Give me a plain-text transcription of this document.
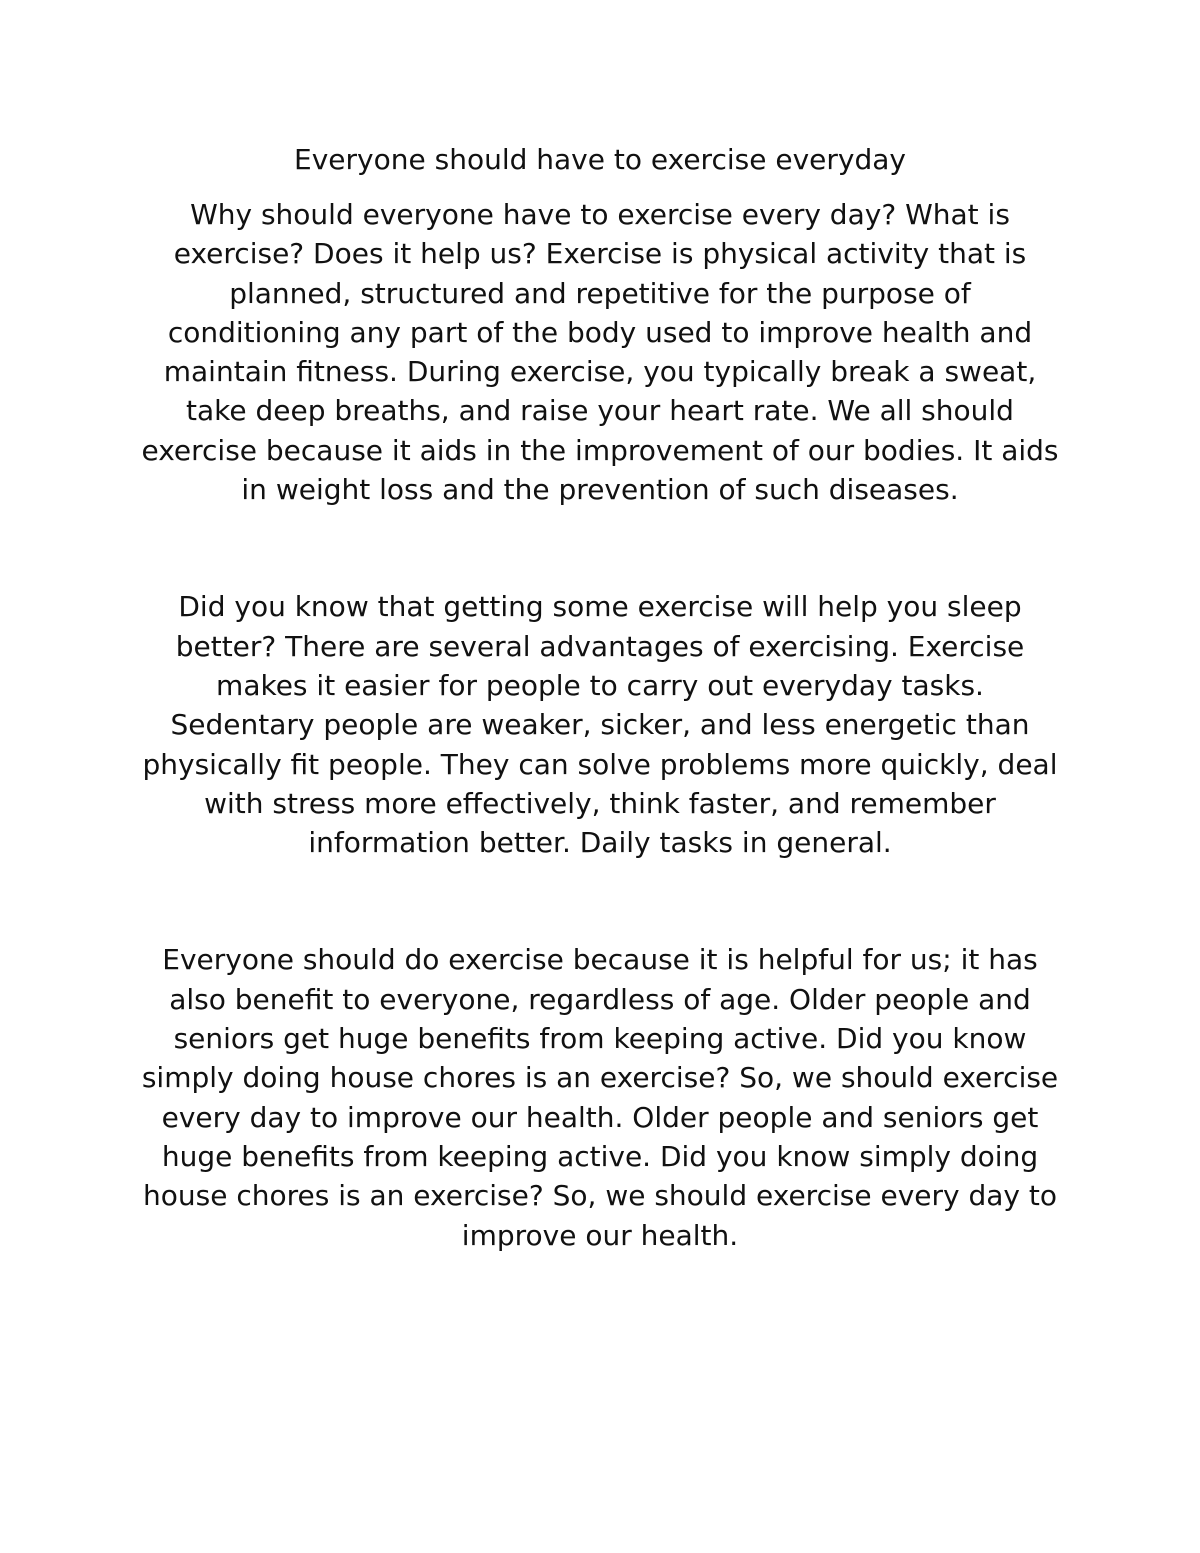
Everyone should have to exercise everyday

Why should everyone have to exercise every day? What is exercise? Does it help us? Exercise is physical activity that is planned, structured and repetitive for the purpose of conditioning any part of the body used to improve health and maintain fitness. During exercise, you typically break a sweat, take deep breaths, and raise your heart rate. We all should exercise because it aids in the improvement of our bodies. It aids in weight loss and the prevention of such diseases.

Did you know that getting some exercise will help you sleep better? There are several advantages of exercising. Exercise makes it easier for people to carry out everyday tasks. Sedentary people are weaker, sicker, and less energetic than physically fit people. They can solve problems more quickly, deal with stress more effectively, think faster, and remember information better. Daily tasks in general.

Everyone should do exercise because it is helpful for us; it has also benefit to everyone, regardless of age. Older people and seniors get huge benefits from keeping active. Did you know simply doing house chores is an exercise? So, we should exercise every day to improve our health. Older people and seniors get huge benefits from keeping active. Did you know simply doing house chores is an exercise? So, we should exercise every day to improve our health.
